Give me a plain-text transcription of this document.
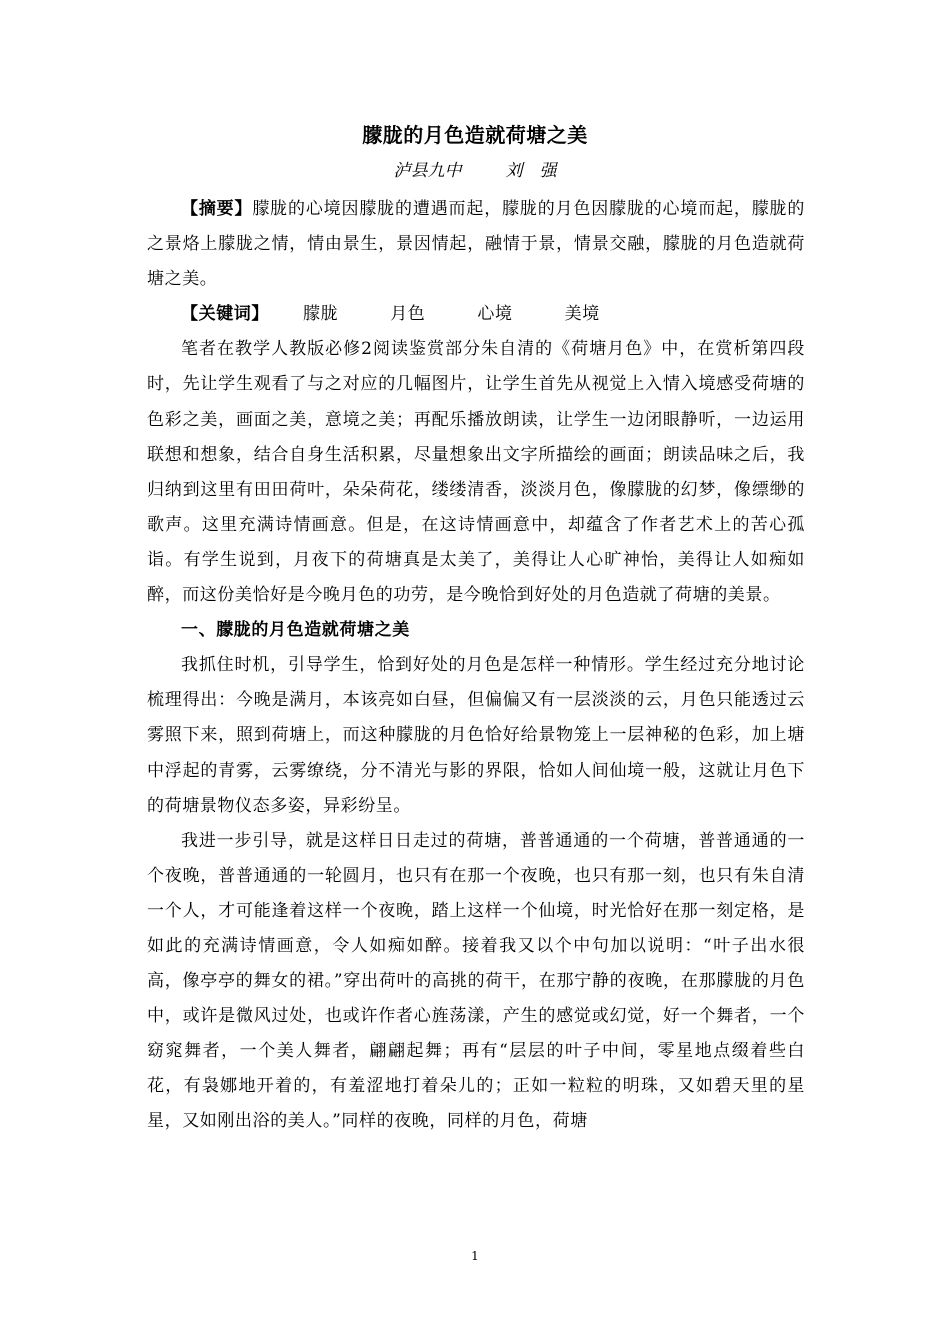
朦胧的月色造就荷塘之美
泸县九中	刘　强

【摘要】朦胧的心境因朦胧的遭遇而起，朦胧的月色因朦胧的心境而起，朦胧的之景烙上朦胧之情，情由景生，景因情起，融情于景，情景交融，朦胧的月色造就荷塘之美。

【关键词】 朦胧	月色	心境	美境

笔者在教学人教版必修2阅读鉴赏部分朱自清的《荷塘月色》中，在赏析第四段时，先让学生观看了与之对应的几幅图片，让学生首先从视觉上入情入境感受荷塘的色彩之美，画面之美，意境之美；再配乐播放朗读，让学生一边闭眼静听，一边运用联想和想象，结合自身生活积累，尽量想象出文字所描绘的画面；朗读品味之后，我归纳到这里有田田荷叶，朵朵荷花，缕缕清香，淡淡月色，像朦胧的幻梦，像缥缈的歌声。这里充满诗情画意。但是，在这诗情画意中，却蕴含了作者艺术上的苦心孤诣。有学生说到，月夜下的荷塘真是太美了，美得让人心旷神怡，美得让人如痴如醉，而这份美恰好是今晚月色的功劳，是今晚恰到好处的月色造就了荷塘的美景。

一、朦胧的月色造就荷塘之美

我抓住时机，引导学生，恰到好处的月色是怎样一种情形。学生经过充分地讨论梳理得出：今晚是满月，本该亮如白昼，但偏偏又有一层淡淡的云，月色只能透过云雾照下来，照到荷塘上，而这种朦胧的月色恰好给景物笼上一层神秘的色彩，加上塘中浮起的青雾，云雾缭绕，分不清光与影的界限，恰如人间仙境一般，这就让月色下的荷塘景物仪态多姿，异彩纷呈。

我进一步引导，就是这样日日走过的荷塘，普普通通的一个荷塘，普普通通的一个夜晚，普普通通的一轮圆月，也只有在那一个夜晚，也只有那一刻，也只有朱自清一个人，才可能逢着这样一个夜晚，踏上这样一个仙境，时光恰好在那一刻定格，是如此的充满诗情画意，令人如痴如醉。接着我又以个中句加以说明：“叶子出水很高，像亭亭的舞女的裙。”穿出荷叶的高挑的荷干，在那宁静的夜晚，在那朦胧的月色中，或许是微风过处，也或许作者心旌荡漾，产生的感觉或幻觉，好一个舞者，一个窈窕舞者，一个美人舞者，翩翩起舞；再有“层层的叶子中间，零星地点缀着些白花，有袅娜地开着的，有羞涩地打着朵儿的；正如一粒粒的明珠，又如碧天里的星星，又如刚出浴的美人。”同样的夜晚，同样的月色，荷塘

1
